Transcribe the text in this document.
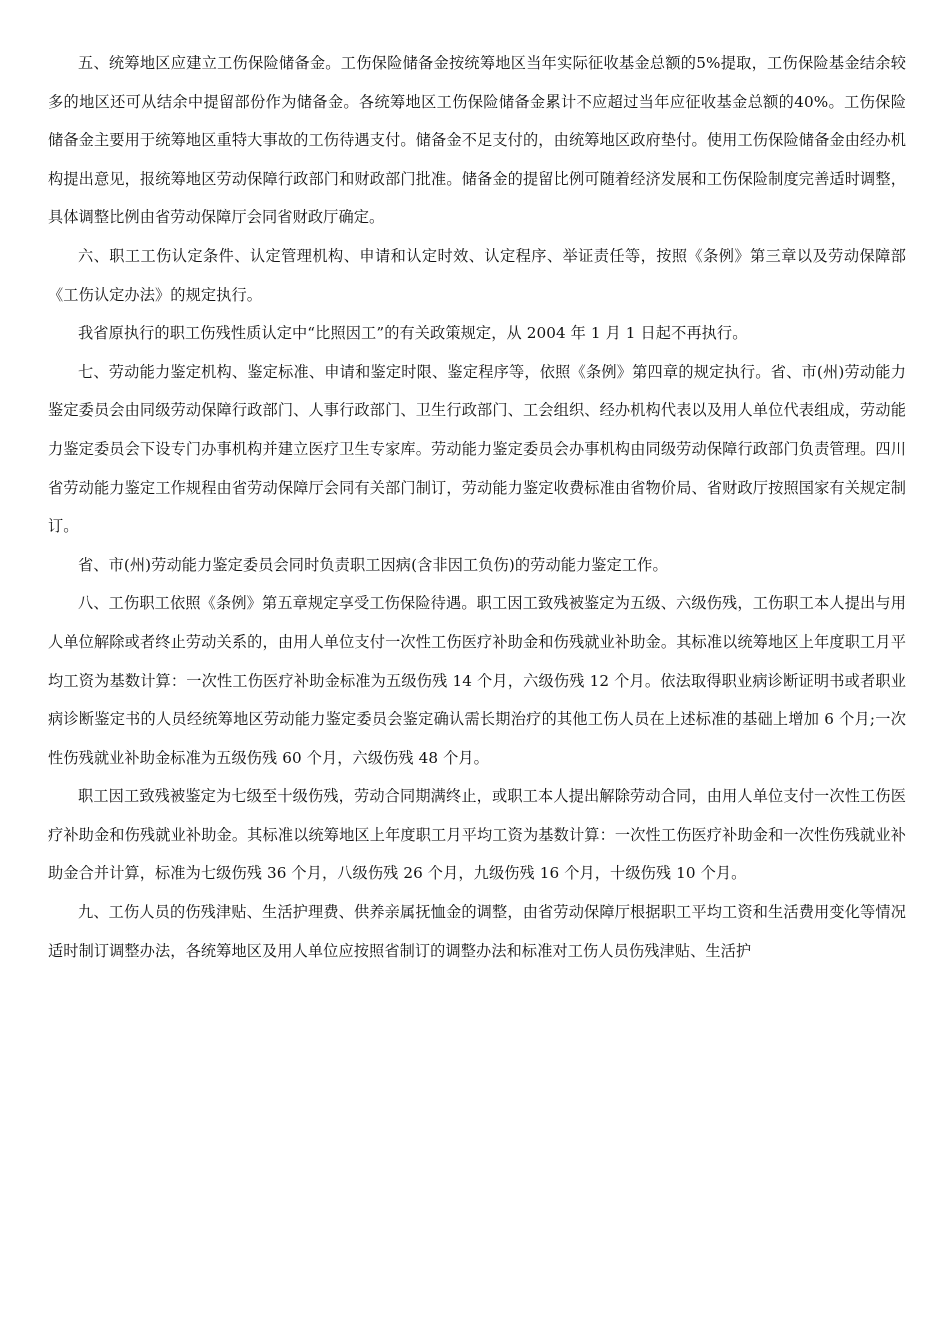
五、统筹地区应建立工伤保险储备金。工伤保险储备金按统筹地区当年实际征收基金总额的5%提取，工伤保险基金结余较多的地区还可从结余中提留部份作为储备金。各统筹地区工伤保险储备金累计不应超过当年应征收基金总额的40%。工伤保险储备金主要用于统筹地区重特大事故的工伤待遇支付。储备金不足支付的，由统筹地区政府垫付。使用工伤保险储备金由经办机构提出意见，报统筹地区劳动保障行政部门和财政部门批准。储备金的提留比例可随着经济发展和工伤保险制度完善适时调整，具体调整比例由省劳动保障厅会同省财政厅确定。

六、职工工伤认定条件、认定管理机构、申请和认定时效、认定程序、举证责任等，按照《条例》第三章以及劳动保障部《工伤认定办法》的规定执行。

我省原执行的职工伤残性质认定中“比照因工”的有关政策规定，从 2004 年 1 月 1 日起不再执行。

七、劳动能力鉴定机构、鉴定标准、申请和鉴定时限、鉴定程序等，依照《条例》第四章的规定执行。省、市(州)劳动能力鉴定委员会由同级劳动保障行政部门、人事行政部门、卫生行政部门、工会组织、经办机构代表以及用人单位代表组成，劳动能力鉴定委员会下设专门办事机构并建立医疗卫生专家库。劳动能力鉴定委员会办事机构由同级劳动保障行政部门负责管理。四川省劳动能力鉴定工作规程由省劳动保障厅会同有关部门制订，劳动能力鉴定收费标准由省物价局、省财政厅按照国家有关规定制订。

省、市(州)劳动能力鉴定委员会同时负责职工因病(含非因工负伤)的劳动能力鉴定工作。

八、工伤职工依照《条例》第五章规定享受工伤保险待遇。职工因工致残被鉴定为五级、六级伤残，工伤职工本人提出与用人单位解除或者终止劳动关系的，由用人单位支付一次性工伤医疗补助金和伤残就业补助金。其标准以统筹地区上年度职工月平均工资为基数计算：一次性工伤医疗补助金标准为五级伤残 14 个月，六级伤残 12 个月。依法取得职业病诊断证明书或者职业病诊断鉴定书的人员经统筹地区劳动能力鉴定委员会鉴定确认需长期治疗的其他工伤人员在上述标准的基础上增加 6 个月;一次性伤残就业补助金标准为五级伤残 60 个月，六级伤残 48 个月。

职工因工致残被鉴定为七级至十级伤残，劳动合同期满终止，或职工本人提出解除劳动合同，由用人单位支付一次性工伤医疗补助金和伤残就业补助金。其标准以统筹地区上年度职工月平均工资为基数计算：一次性工伤医疗补助金和一次性伤残就业补助金合并计算，标准为七级伤残 36 个月，八级伤残 26 个月，九级伤残 16 个月，十级伤残 10 个月。

九、工伤人员的伤残津贴、生活护理费、供养亲属抚恤金的调整，由省劳动保障厅根据职工平均工资和生活费用变化等情况适时制订调整办法，各统筹地区及用人单位应按照省制订的调整办法和标准对工伤人员伤残津贴、生活护
